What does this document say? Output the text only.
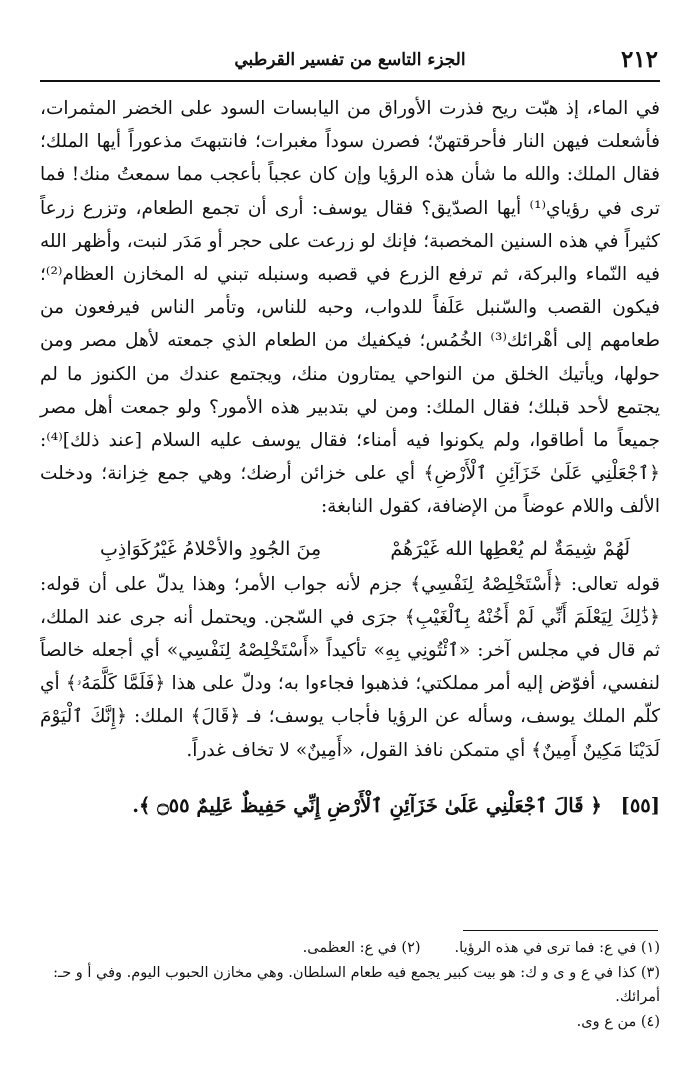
٢١٢
الجزء التاسع من تفسير القرطبي

في الماء، إذ هبّت ريح فذرت الأوراق من اليابسات السود على الخضر المثمرات، فأشعلت فيهن النار فأحرقتهنّ؛ فصرن سوداً مغبرات؛ فانتبهتَ مذعوراً أيها الملك؛ فقال الملك: والله ما شأن هذه الرؤيا وإن كان عجباً بأعجب مما سمعتُ منك! فما ترى في رؤياي⁽¹⁾ أيها الصدّيق؟ فقال يوسف: أرى أن تجمع الطعام، وتزرع زرعاً كثيراً في هذه السنين المخصبة؛ فإنك لو زرعت على حجر أو مَدَر لنبت، وأظهر الله فيه النّماء والبركة، ثم ترفع الزرع في قصبه وسنبله تبني له المخازن العظام⁽²⁾؛ فيكون القصب والسّنبل عَلَفاً للدواب، وحبه للناس، وتأمر الناس فيرفعون من طعامهم إلى أهْرائك⁽³⁾ الخُمُس؛ فيكفيك من الطعام الذي جمعته لأهل مصر ومن حولها، ويأتيك الخلق من النواحي يمتارون منك، ويجتمع عندك من الكنوز ما لم يجتمع لأحد قبلك؛ فقال الملك: ومن لي بتدبير هذه الأمور؟ ولو جمعت أهل مصر جميعاً ما أطاقوا، ولم يكونوا فيه أمناء؛ فقال يوسف عليه السلام [عند ذلك]⁽⁴⁾: ﴿ٱجْعَلْنِي عَلَىٰ خَزَآئِنِ ٱلْأَرْضِ﴾ أي على خزائن أرضك؛ وهي جمع خِزانة؛ ودخلت الألف واللام عوضاً من الإضافة، كقول النابغة:

لَهُمْ شِيمَةٌ لم يُعْطِها الله غَيْرَهُمْ
مِنَ الجُودِ والأحْلامُ غَيْرُكَوَاذِبِ

قوله تعالى: ﴿أَسْتَخْلِصْهُ لِنَفْسِي﴾ جزم لأنه جواب الأمر؛ وهذا يدلّ على أن قوله: ﴿ذَٰلِكَ لِيَعْلَمَ أَنِّي لَمْ أَخُنْهُ بِٱلْغَيْبِ﴾ جرَى في السّجن. ويحتمل أنه جرى عند الملك، ثم قال في مجلس آخر: «ٱئْتُونِي بِهِ» تأكيداً «أَسْتَخْلِصْهُ لِنَفْسِي» أي أجعله خالصاً لنفسي، أفوّض إليه أمر مملكتي؛ فذهبوا فجاءوا به؛ ودلّ على هذا ﴿فَلَمَّا كَلَّمَهُۥ﴾ أي كلّم الملك يوسف، وسأله عن الرؤيا فأجاب يوسف؛ فـ ﴿قَالَ﴾ الملك: ﴿إِنَّكَ ٱلْيَوْمَ لَدَيْنَا مَكِينٌ أَمِينٌ﴾ أي متمكن نافذ القول، «أَمِينٌ» لا تخاف غدراً.

[٥٥] ﴿ قَالَ ٱجْعَلْنِي عَلَىٰ خَزَآئِنِ ٱلْأَرْضِ إِنِّي حَفِيظٌ عَلِيمٌ ۝٥٥ ﴾.

(١) في ع: فما ترى في هذه الرؤيا.(٢) في ع: العظمى.

(٣) كذا في ع و ى و ك: هو بيت كبير يجمع فيه طعام السلطان. وهي مخازن الحبوب اليوم. وفي أ و حـ: أمرائك.

(٤) من ع وى.
